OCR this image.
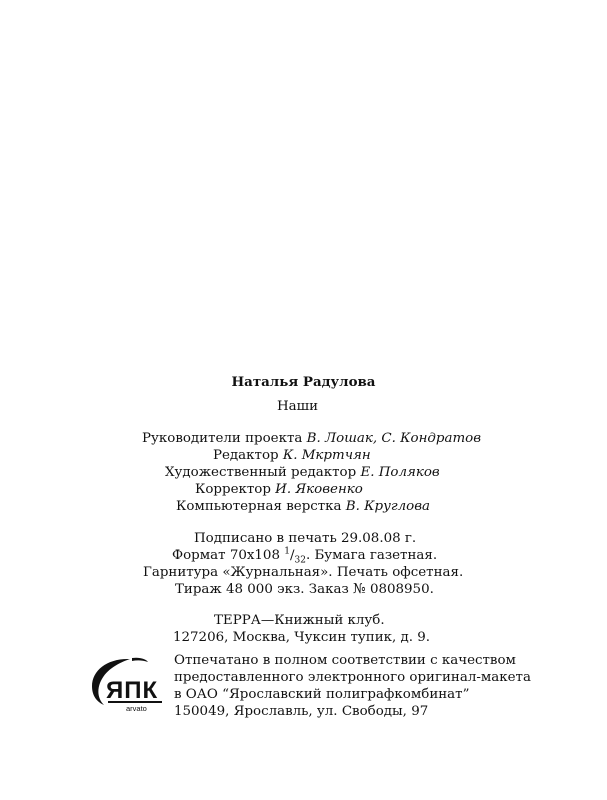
Наталья Радулова
Наши
Руководители проекта В. Лошак, С. Кондратов
Редактор К. Мкртчян
Художественный редактор Е. Поляков
Корректор И. Яковенко
Компьютерная верстка В. Круглова
Подписано в печать 29.08.08 г.
Формат 70x108 $^1/_{32}$. Бумага газетная.
Гарнитура «Журнальная». Печать офсетная.
Тираж 48 000 экз. Заказ № 0808950.
ТЕРРА—Книжный клуб.
127206, Москва, Чуксин тупик, д. 9.
ЯПК
arvato
Отпечатано в полном соответствии с качеством
предоставленного электронного оригинал-макета
в ОАО “Ярославский полиграфкомбинат”
150049, Ярославль, ул. Свободы, 97
